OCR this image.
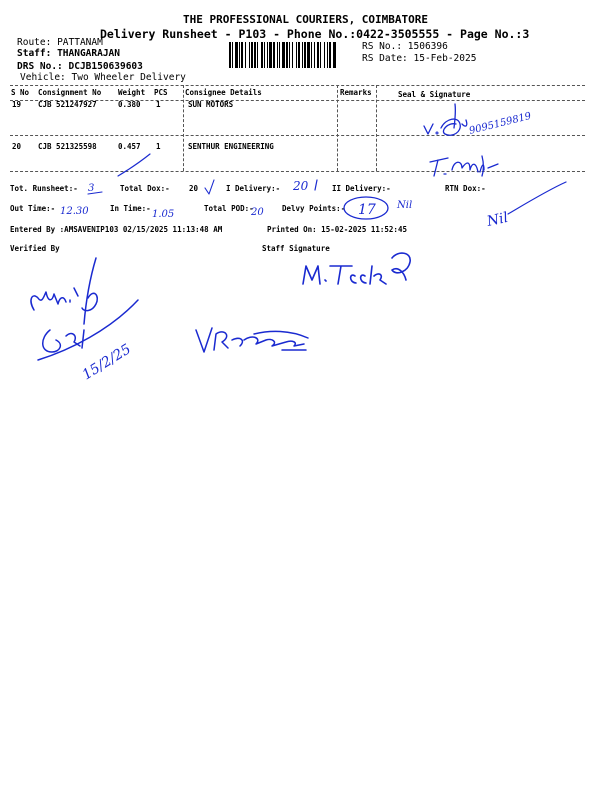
THE PROFESSIONAL COURIERS, COIMBATORE
Delivery Runsheet - P103 - Phone No.:0422-3505555 - Page No.:3
Route: PATTANAM
Staff: THANGARAJAN
DRS No.: DCJB150639603
Vehicle: Two Wheeler Delivery
RS No.: 1506396
RS Date: 15-Feb-2025
S No Consignment No Weight PCS Consignee Details	Remarks	Seal & Signature
19 CJB 521247927	0.380 1	SUN MOTORS
20 CJB 521325598	0.457 1	SENTHUR ENGINEERING
Tot. Runsheet:-	Total Dox:-	20	I Delivery:-	II Delivery:-	RTN Dox:-
Out Time:-	In Time:-	Total POD:-	Delvy Points:-
Entered By :AMSAVENIP103 02/15/2025 11:13:48 AM	Printed On: 15-02-2025 11:52:45
Verified By	Staff Signature
9095159819
3	20
Nil
Nil
12.30	1.05	20	17
15/2/25
